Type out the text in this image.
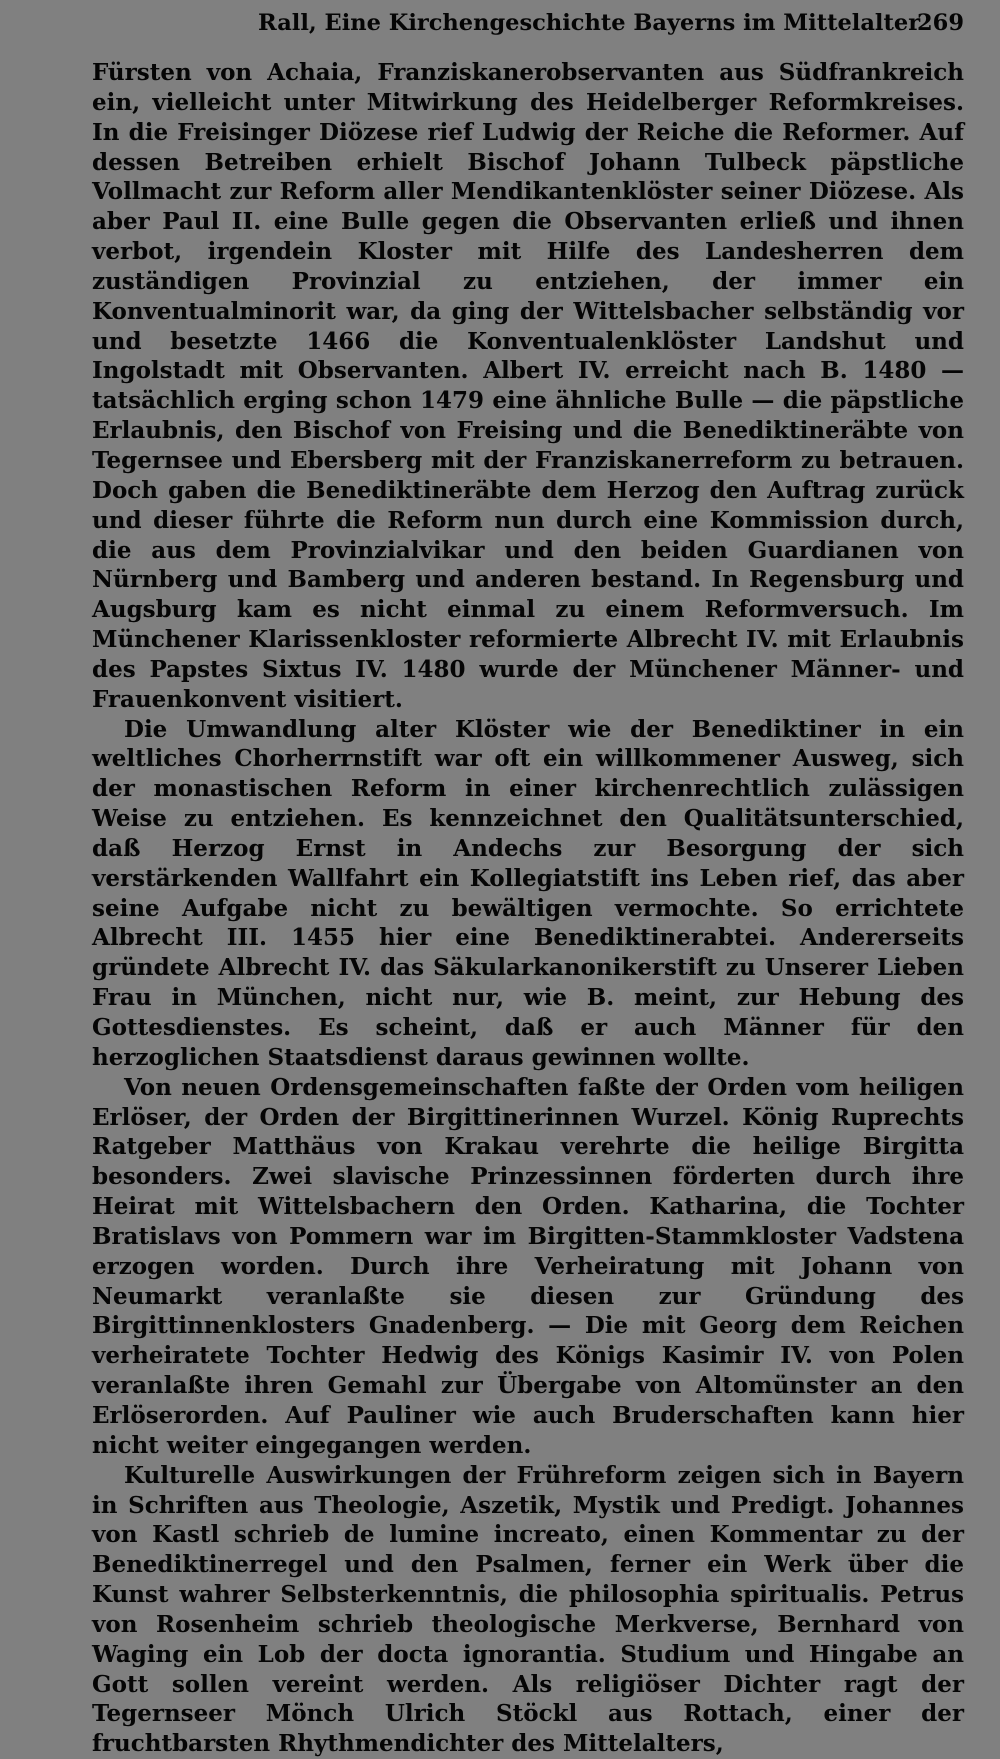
Rall, Eine Kirchengeschichte Bayerns im Mittelalter
269

Fürsten von Achaia, Franziskanerobservanten aus Südfrankreich ein, vielleicht unter Mitwirkung des Heidelberger Reformkreises. In die Freisinger Diözese rief Ludwig der Reiche die Reformer. Auf dessen Betreiben erhielt Bischof Johann Tulbeck päpstliche Vollmacht zur Reform aller Mendikantenklöster seiner Diözese. Als aber Paul II. eine Bulle gegen die Observanten erließ und ihnen verbot, irgendein Kloster mit Hilfe des Landesherren dem zuständigen Provinzial zu entziehen, der immer ein Konventualminorit war, da ging der Wittelsbacher selbständig vor und besetzte 1466 die Konventualenklöster Landshut und Ingolstadt mit Observanten. Albert IV. erreicht nach B. 1480 — tatsächlich erging schon 1479 eine ähnliche Bulle — die päpstliche Erlaubnis, den Bischof von Freising und die Benediktineräbte von Tegernsee und Ebersberg mit der Franziskanerreform zu betrauen. Doch gaben die Benediktineräbte dem Herzog den Auftrag zurück und dieser führte die Reform nun durch eine Kommission durch, die aus dem Provinzialvikar und den beiden Guardianen von Nürnberg und Bamberg und anderen bestand. In Regensburg und Augsburg kam es nicht einmal zu einem Reformversuch. Im Münchener Klarissenkloster reformierte Albrecht IV. mit Erlaubnis des Papstes Sixtus IV. 1480 wurde der Münchener Männer- und Frauenkonvent visitiert.

Die Umwandlung alter Klöster wie der Benediktiner in ein weltliches Chorherrnstift war oft ein willkommener Ausweg, sich der monastischen Reform in einer kirchenrechtlich zulässigen Weise zu entziehen. Es kennzeichnet den Qualitätsunterschied, daß Herzog Ernst in Andechs zur Besorgung der sich verstärkenden Wallfahrt ein Kollegiatstift ins Leben rief, das aber seine Aufgabe nicht zu bewältigen vermochte. So errichtete Albrecht III. 1455 hier eine Benediktinerabtei. Andererseits gründete Albrecht IV. das Säkularkanonikerstift zu Unserer Lieben Frau in München, nicht nur, wie B. meint, zur Hebung des Gottesdienstes. Es scheint, daß er auch Männer für den herzoglichen Staatsdienst daraus gewinnen wollte.

Von neuen Ordensgemeinschaften faßte der Orden vom heiligen Erlöser, der Orden der Birgittinerinnen Wurzel. König Ruprechts Ratgeber Matthäus von Krakau verehrte die heilige Birgitta besonders. Zwei slavische Prinzessinnen förderten durch ihre Heirat mit Wittelsbachern den Orden. Katharina, die Tochter Bratislavs von Pommern war im Birgitten-Stammkloster Vadstena erzogen worden. Durch ihre Verheiratung mit Johann von Neumarkt veranlaßte sie diesen zur Gründung des Birgittinnenklosters Gnadenberg. — Die mit Georg dem Reichen verheiratete Tochter Hedwig des Königs Kasimir IV. von Polen veranlaßte ihren Gemahl zur Übergabe von Altomünster an den Erlöserorden. Auf Pauliner wie auch Bruderschaften kann hier nicht weiter eingegangen werden.

Kulturelle Auswirkungen der Frühreform zeigen sich in Bayern in Schriften aus Theologie, Aszetik, Mystik und Predigt. Johannes von Kastl schrieb de lumine increato, einen Kommentar zu der Benediktinerregel und den Psalmen, ferner ein Werk über die Kunst wahrer Selbsterkenntnis, die philosophia spiritualis. Petrus von Rosenheim schrieb theologische Merkverse, Bernhard von Waging ein Lob der docta ignorantia. Studium und Hingabe an Gott sollen vereint werden. Als religiöser Dichter ragt der Tegernseer Mönch Ulrich Stöckl aus Rottach, einer der fruchtbarsten Rhythmendichter des Mittelalters,
